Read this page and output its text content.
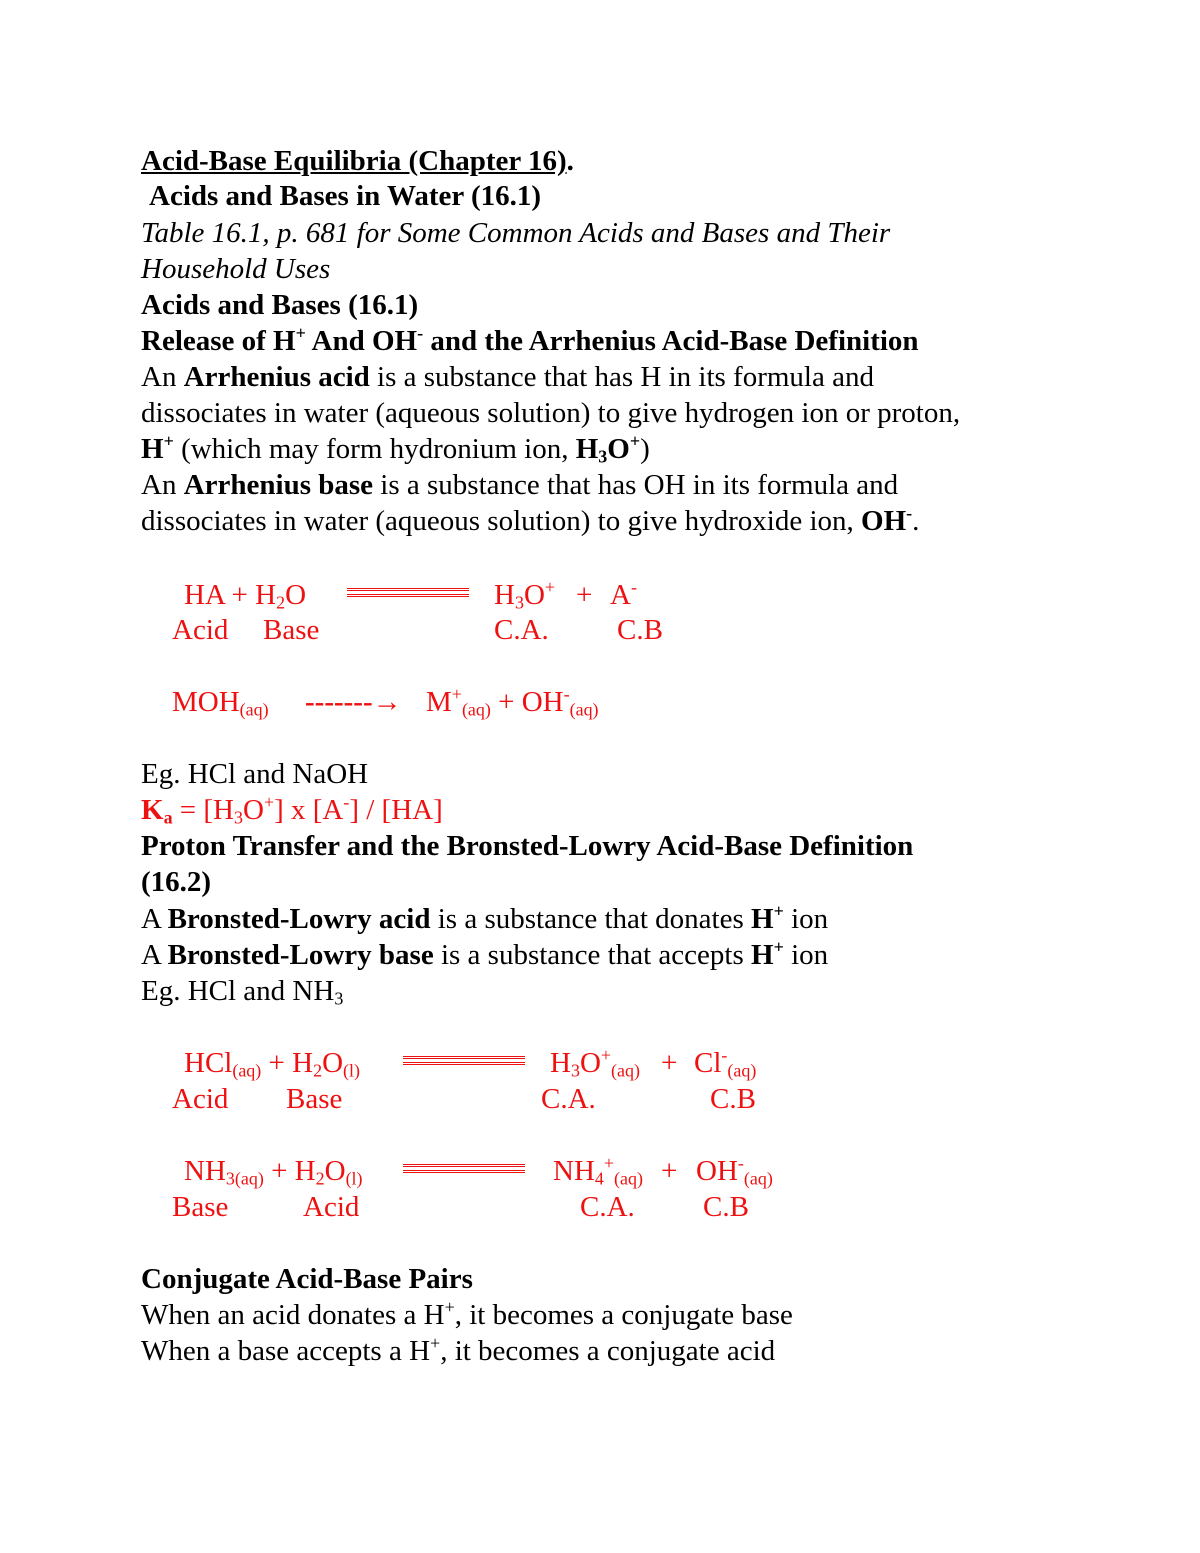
Acid-Base Equilibria (Chapter 16).
Acids and Bases in Water (16.1)
Table 16.1, p. 681 for Some Common Acids and Bases and Their
Household Uses
Acids and Bases (16.1)
Release of H+ And OH- and the Arrhenius Acid-Base Definition
An Arrhenius acid is a substance that has H in its formula and
dissociates in water (aqueous solution) to give hydrogen ion or proton,
H+ (which may form hydronium ion, $H_3O^+$)
An Arrhenius base is a substance that has OH in its formula and
dissociates in water (aqueous solution) to give hydroxide ion, OH-.
HA + $H_2O$	$H_3O^+ + A^-$
Acid Base	C.A. C.B
$MOH_{(aq)}$ -------→ $M^+_{(aq)} + OH^-_{(aq)}$
Eg. HCl and NaOH
$K_a = [H_3O^+]$ x [A-] / [HA]
Proton Transfer and the Bronsted-Lowry Acid-Base Definition
(16.2)
A Bronsted-Lowry acid is a substance that donates H+ ion
A Bronsted-Lowry base is a substance that accepts H+ ion
Eg. HCl and $NH_3$
$HCl_{(aq)} + H_2O_{(l)}$	$H_3O^+_{(aq)} + Cl^-_{(aq)}$
Acid Base	C.A.	C.B
$NH_{3(aq)} + H_2O_{(l)}$	$NH_4^+_{(aq)} + OH^-_{(aq)}$
Base	Acid	C.A. C.B
Conjugate Acid-Base Pairs
When an acid donates a H+, it becomes a conjugate base
When a base accepts a H+, it becomes a conjugate acid
